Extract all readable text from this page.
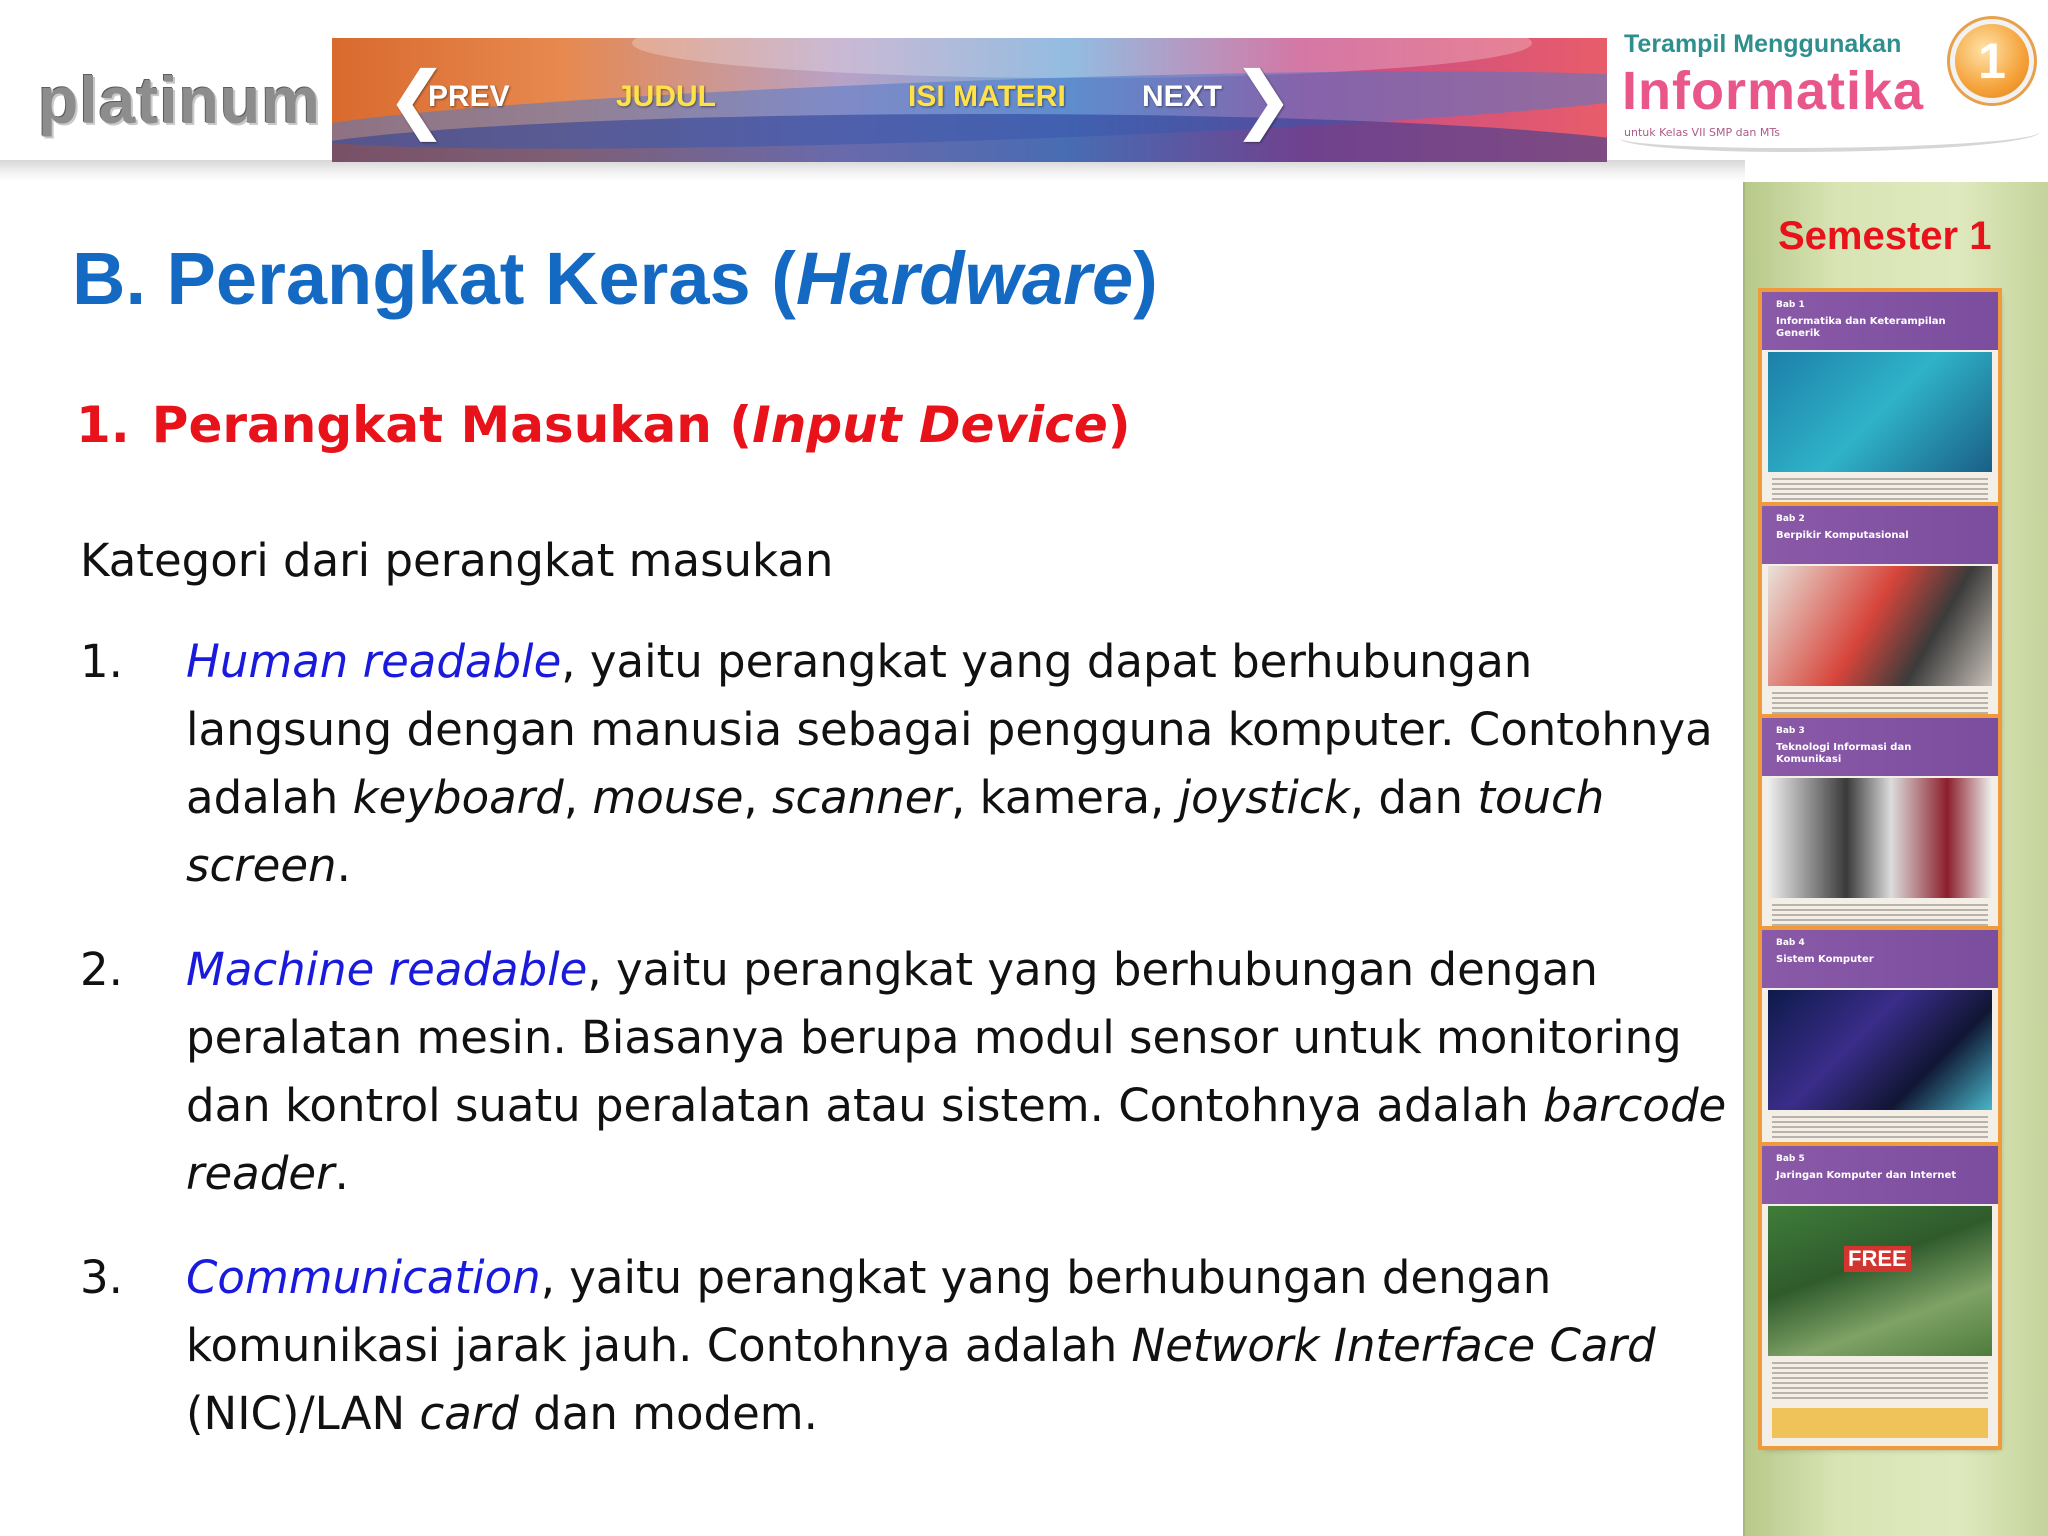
platinum ❮
PREV	JUDUL	ISI MATERI	NEXT ❯
Terampil Menggunakan
Informatika
untuk Kelas VII SMP dan MTs
1
B. Perangkat Keras (Hardware)
1. Perangkat Masukan (Input Device)
Kategori dari perangkat masukan
1. Human readable, yaitu perangkat yang dapat berhubungan langsung dengan manusia sebagai pengguna komputer. Contohnya adalah keyboard, mouse, scanner, kamera, joystick, dan touch screen.
2. Machine readable, yaitu perangkat yang berhubungan dengan peralatan mesin. Biasanya berupa modul sensor untuk monitoring dan kontrol suatu peralatan atau sistem. Contohnya adalah barcode reader.
3. Communication, yaitu perangkat yang berhubungan dengan komunikasi jarak jauh. Contohnya adalah Network Interface Card (NIC)/LAN card dan modem.
Semester 1
Bab 1
Informatika dan Keterampilan Generik
Bab 2
Berpikir Komputasional
Bab 3
Teknologi Informasi dan Komunikasi
Bab 4
Sistem Komputer
Bab 5
Jaringan Komputer dan Internet
FREE
